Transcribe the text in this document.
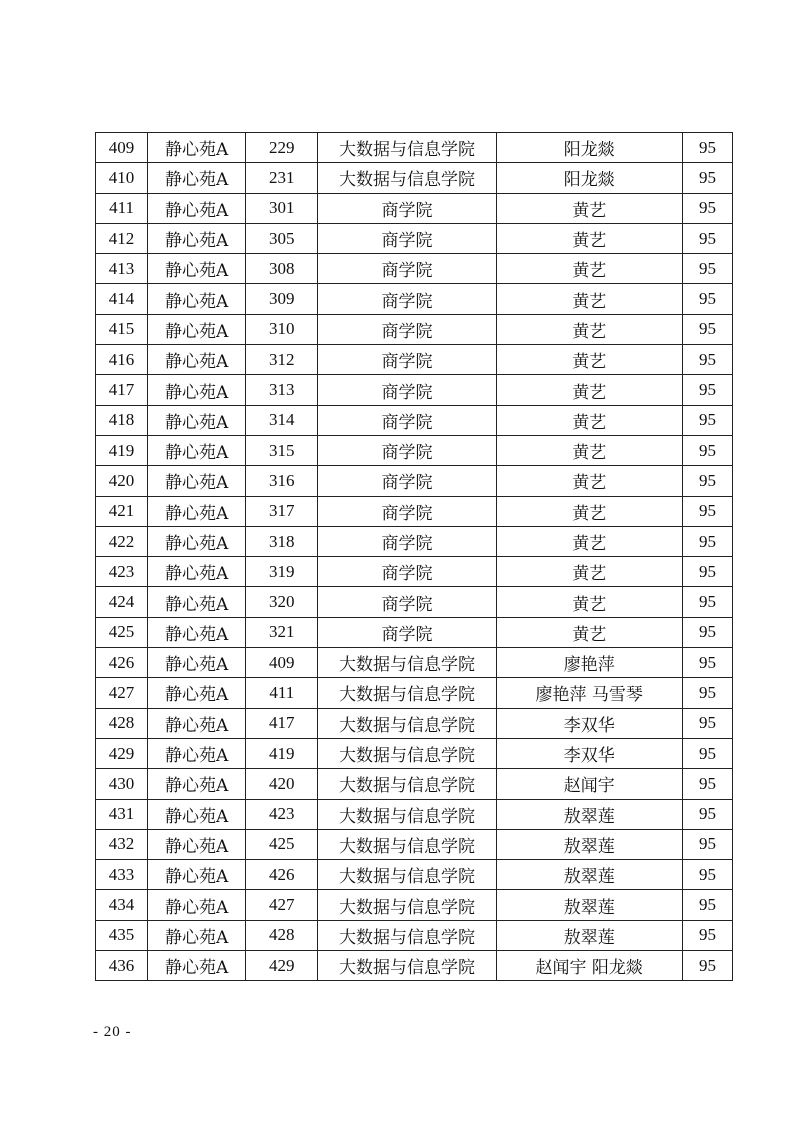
409	静心苑A	229	大数据与信息学院	阳龙燚	95
410	静心苑A	231	大数据与信息学院	阳龙燚	95
411	静心苑A	301	商学院	黄艺	95
412	静心苑A	305	商学院	黄艺	95
413	静心苑A	308	商学院	黄艺	95
414	静心苑A	309	商学院	黄艺	95
415	静心苑A	310	商学院	黄艺	95
416	静心苑A	312	商学院	黄艺	95
417	静心苑A	313	商学院	黄艺	95
418	静心苑A	314	商学院	黄艺	95
419	静心苑A	315	商学院	黄艺	95
420	静心苑A	316	商学院	黄艺	95
421	静心苑A	317	商学院	黄艺	95
422	静心苑A	318	商学院	黄艺	95
423	静心苑A	319	商学院	黄艺	95
424	静心苑A	320	商学院	黄艺	95
425	静心苑A	321	商学院	黄艺	95
426	静心苑A	409	大数据与信息学院	廖艳萍	95
427	静心苑A	411	大数据与信息学院	廖艳萍 马雪琴	95
428	静心苑A	417	大数据与信息学院	李双华	95
429	静心苑A	419	大数据与信息学院	李双华	95
430	静心苑A	420	大数据与信息学院	赵闻宇	95
431	静心苑A	423	大数据与信息学院	敖翠莲	95
432	静心苑A	425	大数据与信息学院	敖翠莲	95
433	静心苑A	426	大数据与信息学院	敖翠莲	95
434	静心苑A	427	大数据与信息学院	敖翠莲	95
435	静心苑A	428	大数据与信息学院	敖翠莲	95
436	静心苑A	429	大数据与信息学院	赵闻宇 阳龙燚	95
- 20 -
